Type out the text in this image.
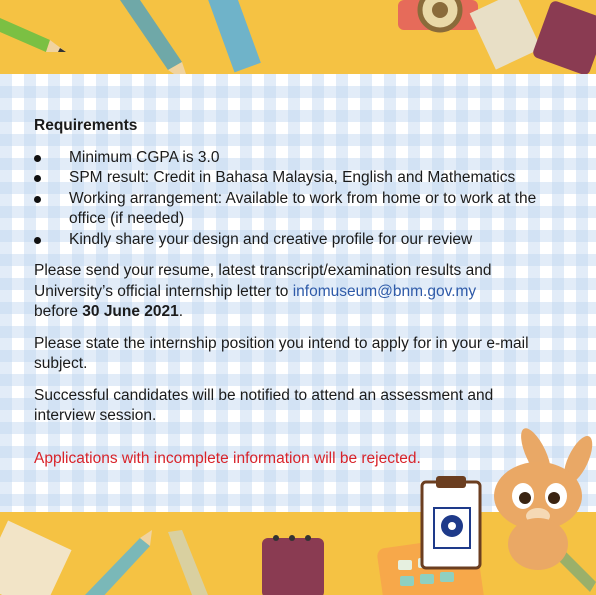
Requirements
Minimum CGPA is 3.0
SPM result: Credit in Bahasa Malaysia, English and Mathematics
Working arrangement: Available to work from home or to work at the office (if needed)
Kindly share your design and creative profile for our review

Please send your resume, latest transcript/examination results and University’s official internship letter to infomuseum@bnm.gov.my
before 30 June 2021.

Please state the internship position you intend to apply for in your e-mail subject.

Successful candidates will be notified to attend an assessment and interview session.

Applications with incomplete information will be rejected.
